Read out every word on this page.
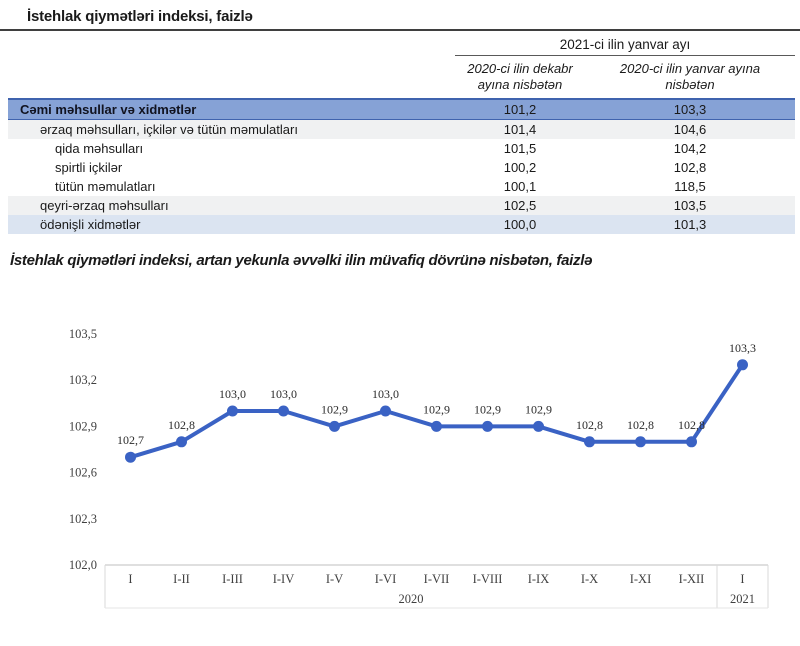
İstehlak qiymətləri indeksi, faizlə
	2021-ci ilin yanvar ayı	
	2020-ci ilin dekabr ayına nisbətən	2020-ci ilin yanvar ayına nisbətən
Cəmi məhsullar və xidmətlər	101,2	103,3
ərzaq məhsulları, içkilər və tütün məmulatları	101,4	104,6
qida məhsulları	101,5	104,2
spirtli içkilər	100,2	102,8
tütün məmulatları	100,1	118,5
qeyri-ərzaq məhsulları	102,5	103,5
ödənişli xidmətlər	100,0	101,3

İstehlak qiymətləri indeksi, artan yekunla əvvəlki ilin müvafiq dövrünə nisbətən, faizlə

102,0
102,3
102,6
102,9
103,2
103,5
I	I-II	I-III I-IV	I-V	I-VI I-VII I-VIII I-IX	I-X	I-XI I-XII	I
2020	2021
102,7
102,8
103,0 103,0
102,9
103,0
102,9 102,9 102,9
102,8 102,8 102,8
103,3
